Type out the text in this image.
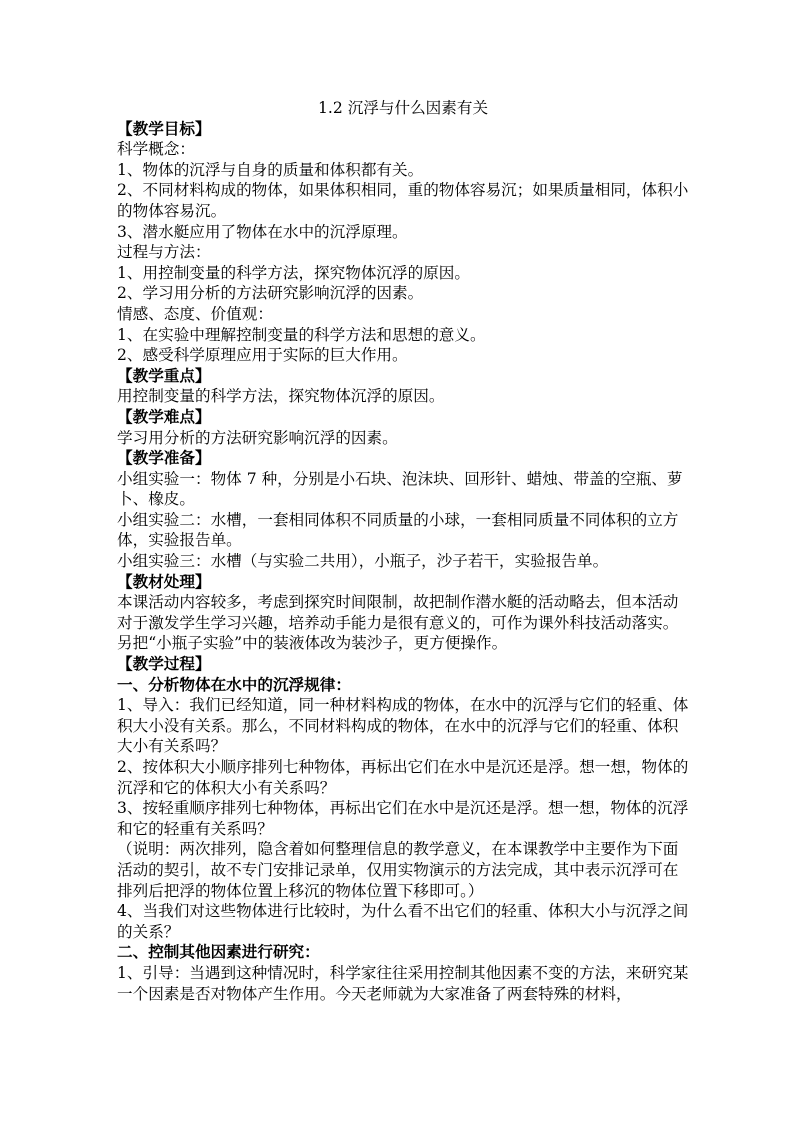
1.2 沉浮与什么因素有关

【教学目标】

科学概念：

1、物体的沉浮与自身的质量和体积都有关。

2、不同材料构成的物体，如果体积相同，重的物体容易沉；如果质量相同，体积小的物体容易沉。

3、潜水艇应用了物体在水中的沉浮原理。

过程与方法：

1、用控制变量的科学方法，探究物体沉浮的原因。

2、学习用分析的方法研究影响沉浮的因素。

情感、态度、价值观：

1、在实验中理解控制变量的科学方法和思想的意义。

2、感受科学原理应用于实际的巨大作用。

【教学重点】

用控制变量的科学方法，探究物体沉浮的原因。

【教学难点】

学习用分析的方法研究影响沉浮的因素。

【教学准备】

小组实验一：物体 7 种，分别是小石块、泡沫块、回形针、蜡烛、带盖的空瓶、萝卜、橡皮。

小组实验二：水槽，一套相同体积不同质量的小球，一套相同质量不同体积的立方体，实验报告单。

小组实验三：水槽（与实验二共用），小瓶子，沙子若干，实验报告单。

【教材处理】

本课活动内容较多，考虑到探究时间限制，故把制作潜水艇的活动略去，但本活动对于激发学生学习兴趣，培养动手能力是很有意义的，可作为课外科技活动落实。另把“小瓶子实验”中的装液体改为装沙子，更方便操作。

【教学过程】

一、分析物体在水中的沉浮规律：

1、导入：我们已经知道，同一种材料构成的物体，在水中的沉浮与它们的轻重、体积大小没有关系。那么，不同材料构成的物体，在水中的沉浮与它们的轻重、体积大小有关系吗？

2、按体积大小顺序排列七种物体，再标出它们在水中是沉还是浮。想一想，物体的沉浮和它的体积大小有关系吗？

3、按轻重顺序排列七种物体，再标出它们在水中是沉还是浮。想一想，物体的沉浮和它的轻重有关系吗？

（说明：两次排列，隐含着如何整理信息的教学意义，在本课教学中主要作为下面活动的契引，故不专门安排记录单，仅用实物演示的方法完成，其中表示沉浮可在排列后把浮的物体位置上移沉的物体位置下移即可。）

4、当我们对这些物体进行比较时，为什么看不出它们的轻重、体积大小与沉浮之间的关系？

二、控制其他因素进行研究：

1、引导：当遇到这种情况时，科学家往往采用控制其他因素不变的方法，来研究某一个因素是否对物体产生作用。今天老师就为大家准备了两套特殊的材料，
